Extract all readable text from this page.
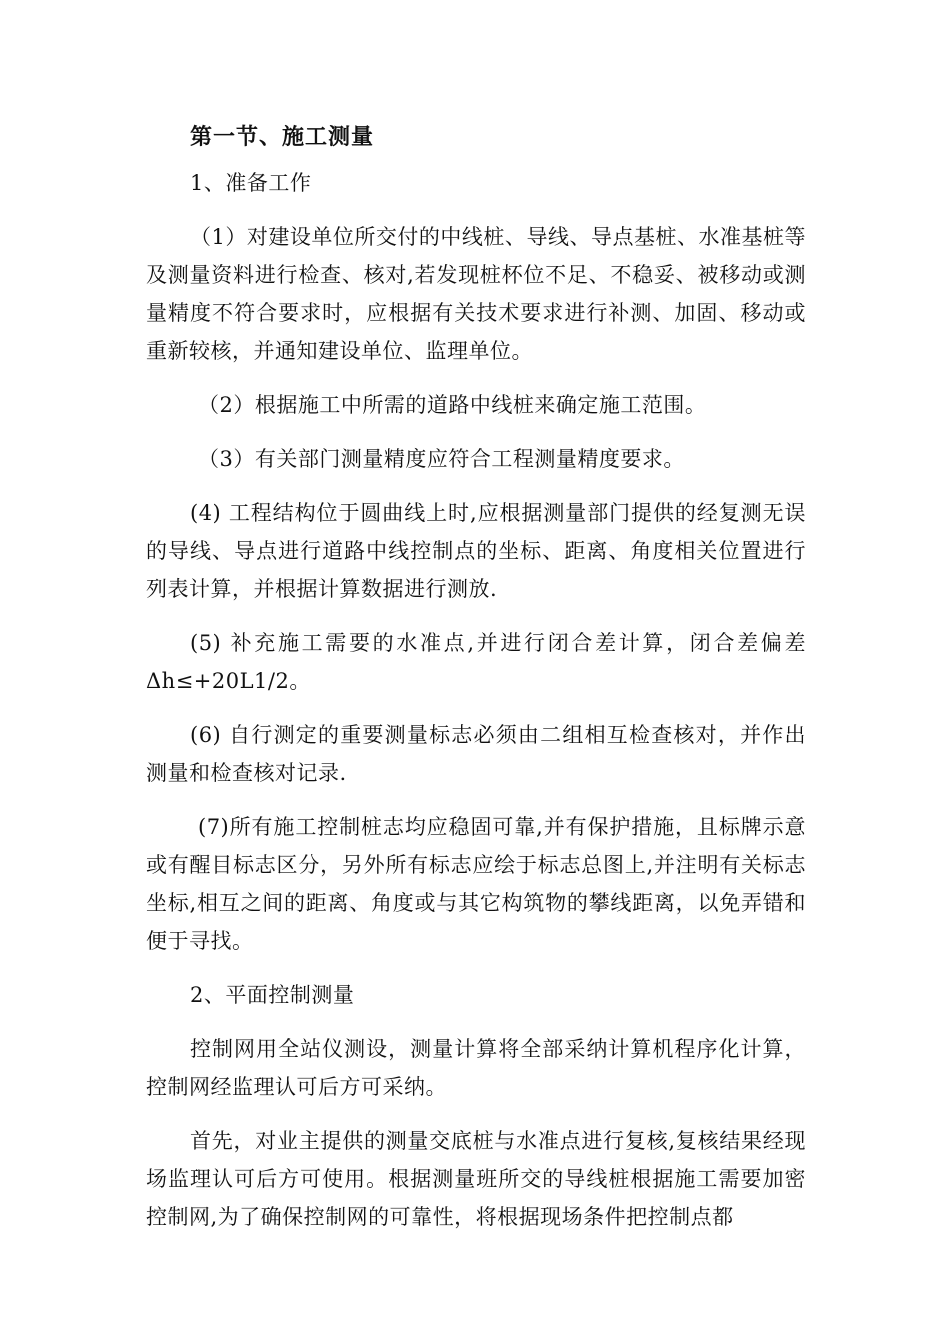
第一节、施工测量

1、准备工作

（1）对建设单位所交付的中线桩、导线、导点基桩、水准基桩等及测量资料进行检查、核对,若发现桩杯位不足、不稳妥、被移动或测量精度不符合要求时，应根据有关技术要求进行补测、加固、移动或重新较核，并通知建设单位、监理单位。

（2）根据施工中所需的道路中线桩来确定施工范围。

（3）有关部门测量精度应符合工程测量精度要求。

(4) 工程结构位于圆曲线上时,应根据测量部门提供的经复测无误的导线、导点进行道路中线控制点的坐标、距离、角度相关位置进行列表计算，并根据计算数据进行测放.

(5) 补充施工需要的水准点,并进行闭合差计算，闭合差偏差Δh≤+20L1/2。

(6) 自行测定的重要测量标志必须由二组相互检查核对，并作出测量和检查核对记录.

(7)所有施工控制桩志均应稳固可靠,并有保护措施，且标牌示意或有醒目标志区分，另外所有标志应绘于标志总图上,并注明有关标志坐标,相互之间的距离、角度或与其它构筑物的攀线距离，以免弄错和便于寻找。

2、平面控制测量

控制网用全站仪测设，测量计算将全部采纳计算机程序化计算，控制网经监理认可后方可采纳。

首先，对业主提供的测量交底桩与水准点进行复核,复核结果经现场监理认可后方可使用。根据测量班所交的导线桩根据施工需要加密控制网,为了确保控制网的可靠性，将根据现场条件把控制点都
